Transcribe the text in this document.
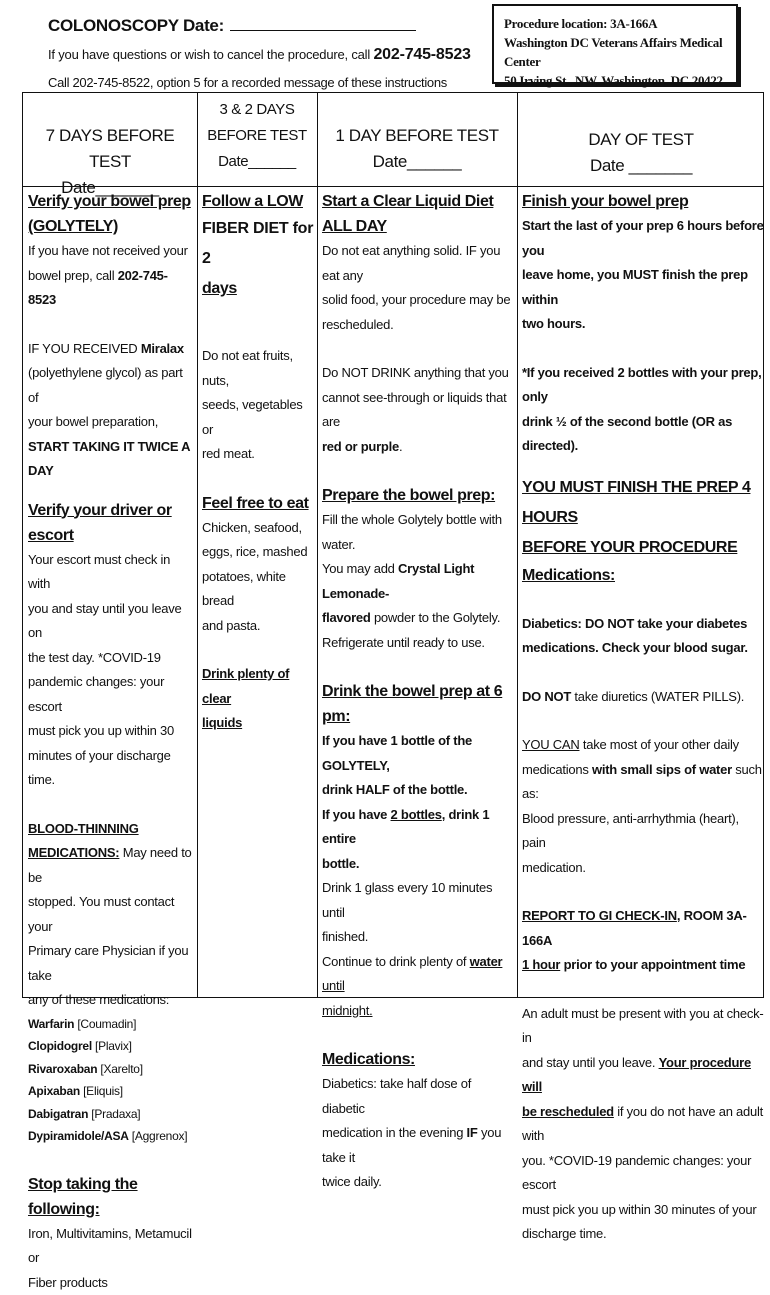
COLONOSCOPY Date:
If you have questions or wish to cancel the procedure, call 202-745-8523
Call 202-745-8522, option 5 for a recorded message of these instructions
Procedure location: 3A-166A
Washington DC Veterans Affairs Medical Center
50 Irving St., NW, Washington, DC 20422
7 DAYS BEFORE TEST
Date_______
3 & 2 DAYS
BEFORE TEST
Date______
1 DAY BEFORE TEST
Date______
DAY OF TEST
Date _______

Verify your bowel prep

(GOLYTELY)

If you have not received your

bowel prep, call 202-745-8523

IF YOU RECEIVED Miralax

(polyethylene glycol) as part of

your bowel preparation,

START TAKING IT TWICE A DAY

Verify your driver or escort

Your escort must check in with

you and stay until you leave on

the test day. *COVID-19

pandemic changes: your escort

must pick you up within 30

minutes of your discharge time.

BLOOD-THINNING

MEDICATIONS: May need to be

stopped. You must contact your

Primary care Physician if you take

any of these medications:

Warfarin [Coumadin]

Clopidogrel [Plavix]

Rivaroxaban [Xarelto]

Apixaban [Eliquis]

Dabigatran [Pradaxa]

Dypiramidole/ASA [Aggrenox]

Stop taking the following:

Iron, Multivitamins, Metamucil or

Fiber products

Follow a LOW

FIBER DIET for 2

days

Do not eat fruits, nuts,

seeds, vegetables or

red meat.

Feel free to eat

Chicken, seafood,

eggs, rice, mashed

potatoes, white bread

and pasta.

Drink plenty of clear

liquids

Start a Clear Liquid Diet ALL DAY

Do not eat anything solid. IF you eat any

solid food, your procedure may be

rescheduled.

Do NOT DRINK anything that you

cannot see-through or liquids that are

red or purple.

Prepare the bowel prep:

Fill the whole Golytely bottle with

water.

You may add Crystal Light Lemonade-

flavored powder to the Golytely.

Refrigerate until ready to use.

Drink the bowel prep at 6 pm:

If you have 1 bottle of the GOLYTELY,

drink HALF of the bottle.

If you have 2 bottles, drink 1 entire

bottle.

Drink 1 glass every 10 minutes until

finished.

Continue to drink plenty of water until

midnight.

Medications:

Diabetics: take half dose of diabetic

medication in the evening IF you take it

twice daily.

Finish your bowel prep

Start the last of your prep 6 hours before you

leave home, you MUST finish the prep within

two hours.

*If you received 2 bottles with your prep, only

drink ½ of the second bottle (OR as directed).

YOU MUST FINISH THE PREP 4 HOURS

BEFORE YOUR PROCEDURE

Medications:

Diabetics: DO NOT take your diabetes

medications. Check your blood sugar.

DO NOT take diuretics (WATER PILLS).

YOU CAN take most of your other daily

medications with small sips of water such as:

Blood pressure, anti-arrhythmia (heart), pain

medication.

REPORT TO GI CHECK-IN, ROOM 3A-166A

1 hour prior to your appointment time

An adult must be present with you at check-in

and stay until you leave. Your procedure will

be rescheduled if you do not have an adult with

you. *COVID-19 pandemic changes: your escort

must pick you up within 30 minutes of your

discharge time.
